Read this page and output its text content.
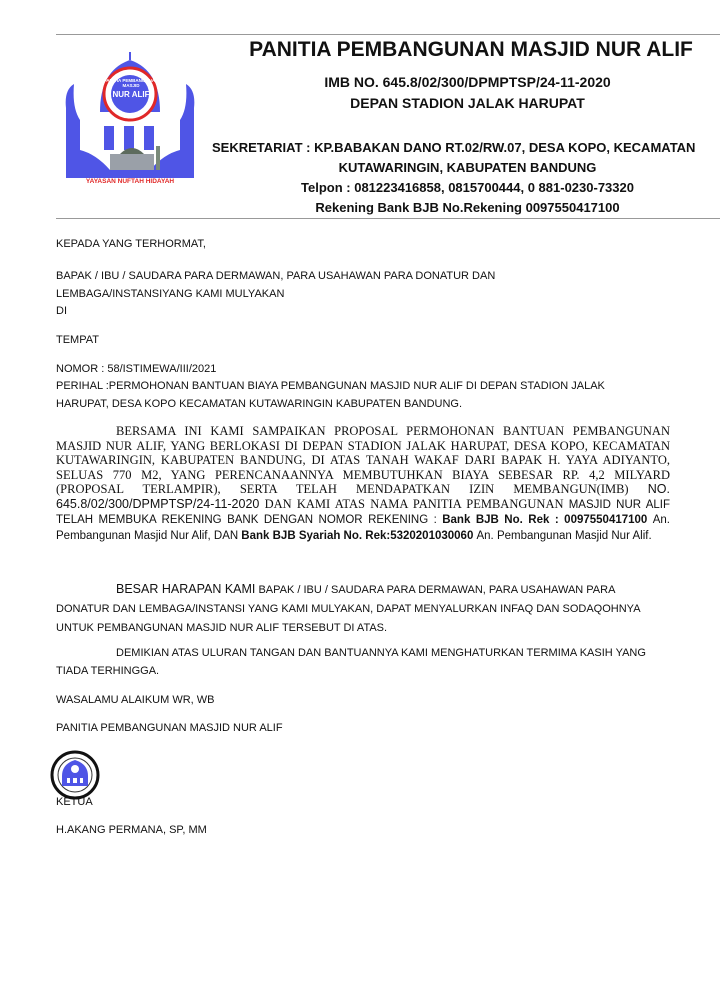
PANITIA PEMBANGUNAN MASJID
NUR ALIF
YAYASAN NUFTAH HIDAYAH
PANITIA PEMBANGUNAN MASJID NUR ALIF
IMB NO. 645.8/02/300/DPMPTSP/24-11-2020
DEPAN STADION JALAK HARUPAT
SEKRETARIAT : KP.BABAKAN DANO RT.02/RW.07, DESA KOPO, KECAMATAN
KUTAWARINGIN, KABUPATEN BANDUNG
Telpon : 081223416858, 0815700444, 0 881-0230-73320
Rekening Bank BJB No.Rekening 0097550417100
KEPADA YANG TERHORMAT,
BAPAK / IBU / SAUDARA PARA DERMAWAN, PARA USAHAWAN PARA DONATUR DAN
LEMBAGA/INSTANSIYANG KAMI MULYAKAN
DI
TEMPAT
NOMOR : 58/ISTIMEWA/III/2021
PERIHAL :PERMOHONAN BANTUAN BIAYA PEMBANGUNAN MASJID NUR ALIF DI DEPAN STADION JALAK
HARUPAT, DESA KOPO KECAMATAN KUTAWARINGIN KABUPATEN BANDUNG.
BERSAMA INI KAMI SAMPAIKAN PROPOSAL PERMOHONAN BANTUAN PEMBANGUNAN MASJID NUR ALIF, YANG BERLOKASI DI DEPAN STADION JALAK HARUPAT, DESA KOPO, KECAMATAN KUTAWARINGIN, KABUPATEN BANDUNG, DI ATAS TANAH WAKAF DARI BAPAK H. YAYA ADIYANTO, SELUAS 770 M2, YANG PERENCANAANNYA MEMBUTUHKAN BIAYA SEBESAR RP. 4,2 MILYARD (PROPOSAL TERLAMPIR), SERTA TELAH MENDAPATKAN IZIN MEMBANGUN(IMB) NO. 645.8/02/300/DPMPTSP/24-11-2020 DAN KAMI ATAS NAMA PANITIA PEMBANGUNAN MASJID NUR ALIF TELAH MEMBUKA REKENING BANK DENGAN NOMOR REKENING : Bank BJB No. Rek : 0097550417100 An. Pembangunan Masjid Nur Alif, DAN Bank BJB Syariah No. Rek:5320201030060 An. Pembangunan Masjid Nur Alif.
BESAR HARAPAN KAMI BAPAK / IBU / SAUDARA PARA DERMAWAN, PARA USAHAWAN PARA DONATUR DAN LEMBAGA/INSTANSI YANG KAMI MULYAKAN, DAPAT MENYALURKAN INFAQ DAN SODAQOHNYA UNTUK PEMBANGUNAN MASJID NUR ALIF TERSEBUT DI ATAS.
DEMIKIAN ATAS ULURAN TANGAN DAN BANTUANNYA KAMI MENGHATURKAN TERMIMA KASIH YANG TIADA TERHINGGA.
WASALAMU ALAIKUM WR, WB
PANITIA PEMBANGUNAN MASJID NUR ALIF
KETUA
H.AKANG PERMANA, SP, MM
